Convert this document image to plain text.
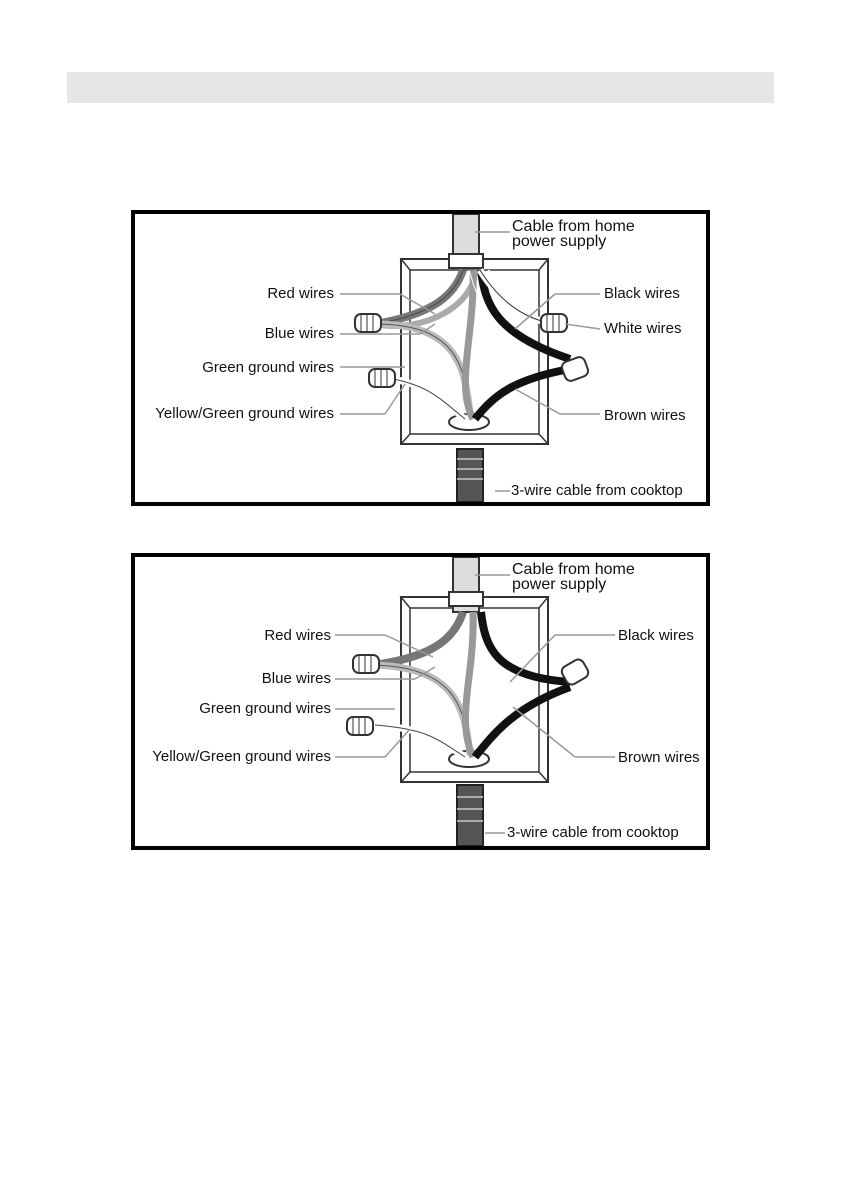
Cable from home
power supply
Red wires
Blue wires
Green ground wires
Yellow/Green ground wires
Black wires
White wires
Brown wires
3-wire cable from cooktop
Cable from home
power supply
Red wires
Blue wires
Green ground wires
Yellow/Green ground wires
Black wires
Brown wires
3-wire cable from cooktop
